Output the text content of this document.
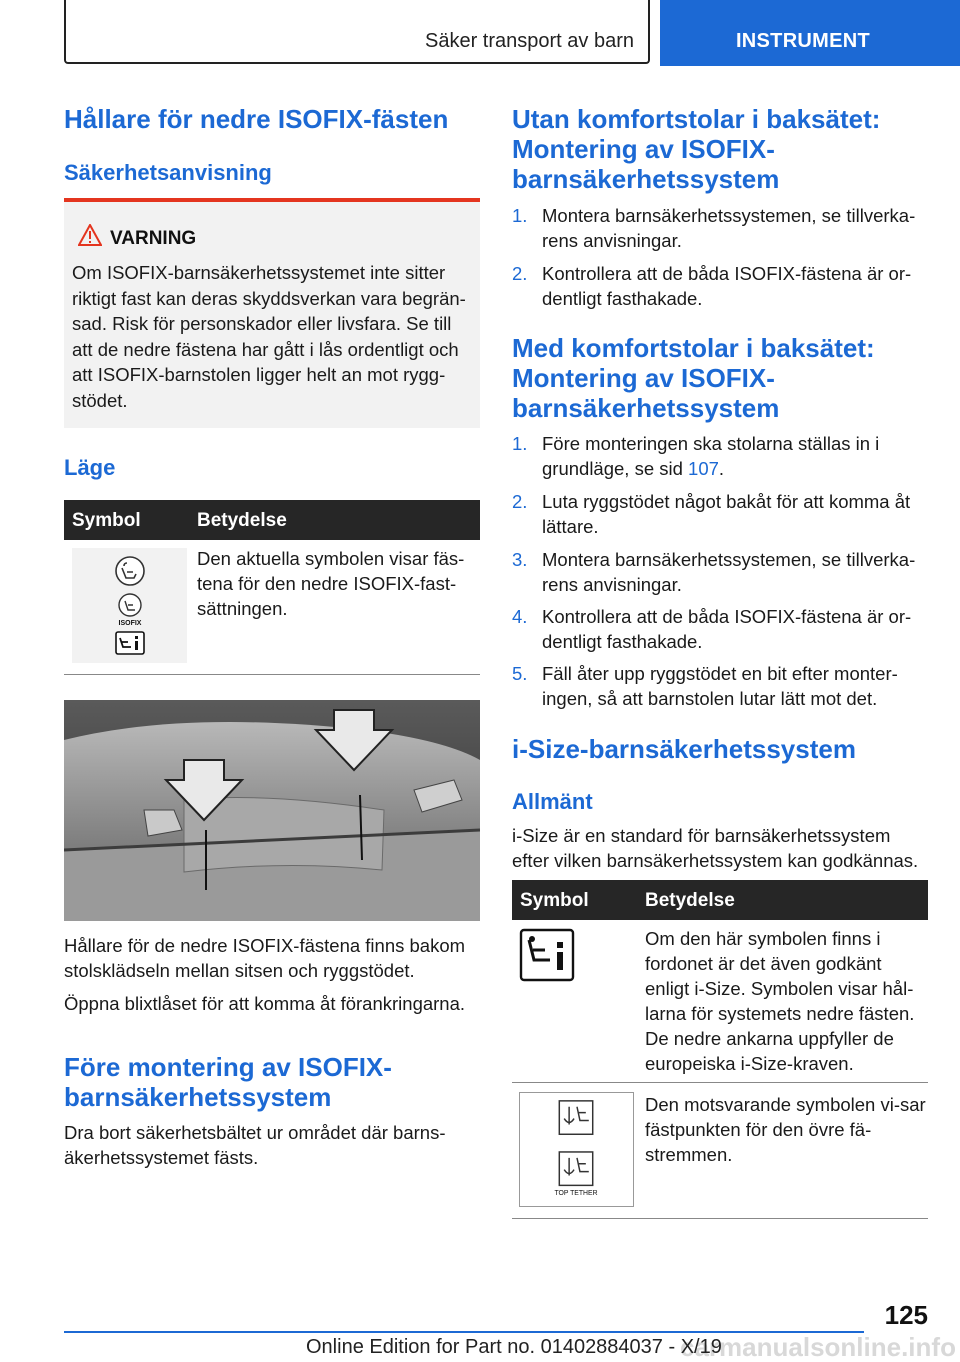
Säker transport av barn	INSTRUMENT
Hållare för nedre ISOFIX-fästen
Säkerhetsanvisning
VARNING
Om ISOFIX-barnsäkerhetssystemet inte sitter riktigt fast kan deras skyddsverkan vara begrän-sad. Risk för personskador eller livsfara. Se till att de nedre fästena har gått i lås ordentligt och att ISOFIX-barnstolen ligger helt an mot rygg-stödet.
Läge
Symbol	Betydelse
ISOFIX
Den aktuella symbolen visar fäs-tena för den nedre ISOFIX-fast-sättningen.
Hållare för de nedre ISOFIX-fästena finns bakom stolsklädseln mellan sitsen och ryggstödet.
Öppna blixtlåset för att komma åt förankringarna.
Före montering av ISOFIX-barnsäkerhetssystem
Dra bort säkerhetsbältet ur området där barns-äkerhetssystemet fästs.
Utan komfortstolar i baksätet: Montering av ISOFIX-barnsäkerhetssystem
1. Montera barnsäkerhetssystemen, se tillverka-rens anvisningar.
2. Kontrollera att de båda ISOFIX-fästena är or-dentligt fasthakade.
Med komfortstolar i baksätet: Montering av ISOFIX-barnsäkerhetssystem
1. Före monteringen ska stolarna ställas in i grundläge, se sid 107.
2. Luta ryggstödet något bakåt för att komma åt lättare.
3. Montera barnsäkerhetssystemen, se tillverka-rens anvisningar.
4. Kontrollera att de båda ISOFIX-fästena är or-dentligt fasthakade.
5. Fäll åter upp ryggstödet en bit efter monter-ingen, så att barnstolen lutar lätt mot det.
i-Size-barnsäkerhetssystem
Allmänt
i-Size är en standard för barnsäkerhetssystem efter vilken barnsäkerhetssystem kan godkännas.
Symbol	Betydelse
Om den här symbolen finns i fordonet är det även godkänt enligt i-Size. Symbolen visar hål-larna för systemets nedre fästen. De nedre ankarna uppfyller de europeiska i-Size-kraven.
TOP TETHER
Den motsvarande symbolen vi-sar fästpunkten för den övre fä-stremmen.
125
carmanualsonline.info
Online Edition for Part no. 01402884037 - X/19
